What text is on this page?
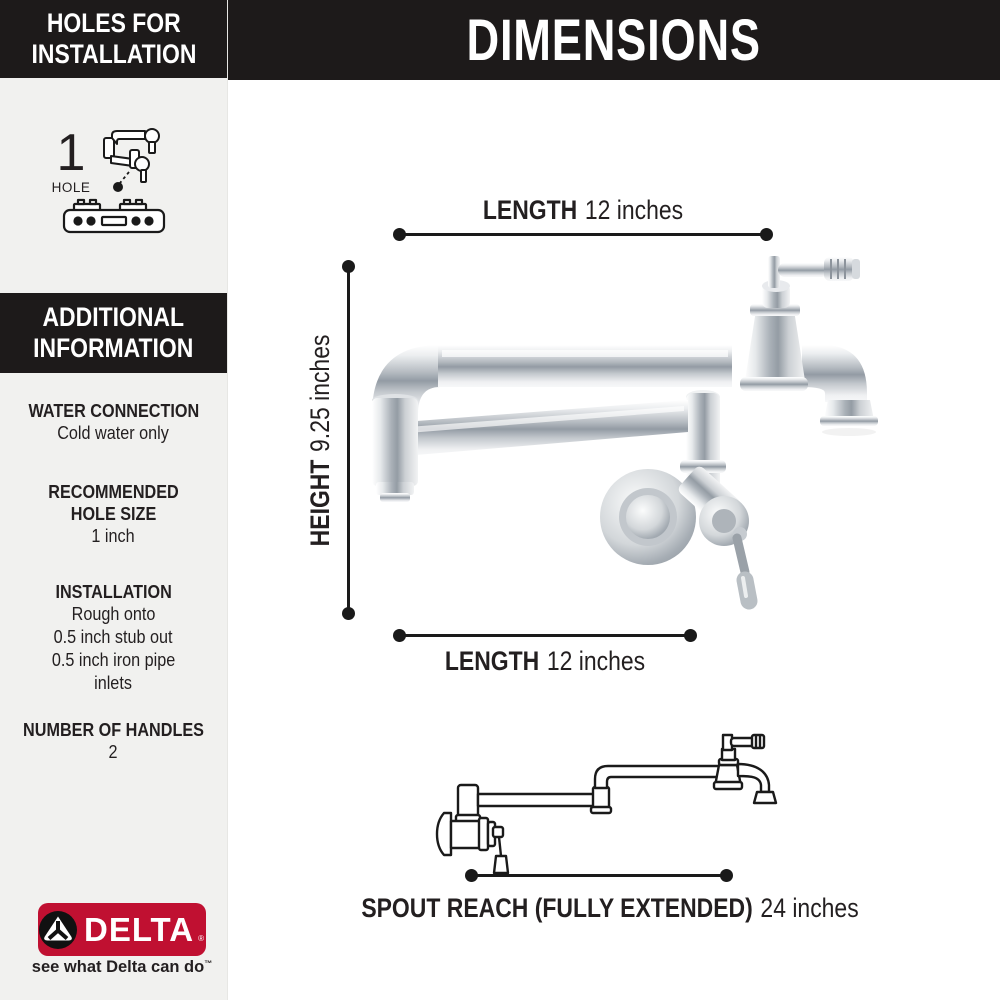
HOLES FOR
INSTALLATION
1
HOLE
ADDITIONAL
INFORMATION
WATER CONNECTION
Cold water only
RECOMMENDED
HOLE SIZE
1 inch
INSTALLATION
Rough onto
0.5 inch stub out
0.5 inch iron pipe
inlets
NUMBER OF HANDLES
2
DELTA ®
see what Delta can do™
DIMENSIONS
LENGTH 12 inches
HEIGHT9.25 inches
LENGTH 12 inches
SPOUT REACH (FULLY EXTENDED) 24 inches
